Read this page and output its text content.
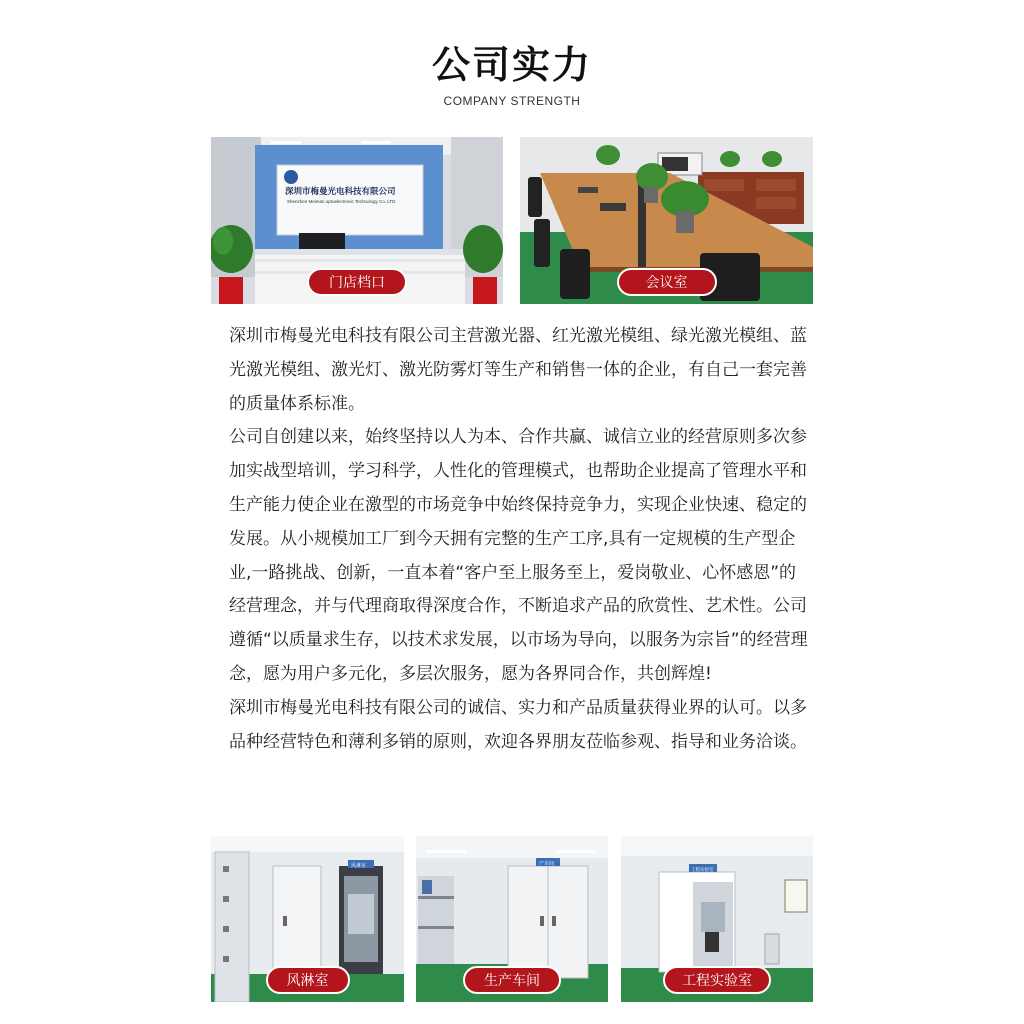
公司实力
COMPANY STRENGTH
深圳市梅曼光电科技有限公司
Shenzhen Meiman optoelectronic Technology Co.,LTD
门店档口	会议室

深圳市梅曼光电科技有限公司主营激光器、红光激光模组、绿光激光模组、蓝光激光模组、激光灯、激光防雾灯等生产和销售一体的企业，有自己一套完善的质量体系标准。

公司自创建以来，始终坚持以人为本、合作共赢、诚信立业的经营原则多次参加实战型培训，学习科学，人性化的管理模式，也帮助企业提高了管理水平和生产能力使企业在激型的市场竞争中始终保持竞争力，实现企业快速、稳定的发展。从小规模加工厂到今天拥有完整的生产工序,具有一定规模的生产型企业,一路挑战、创新，一直本着“客户至上服务至上，爱岗敬业、心怀感恩”的经营理念，并与代理商取得深度合作，不断追求产品的欣赏性、艺术性。公司遵循“以质量求生存，以技术求发展，以市场为导向，以服务为宗旨”的经营理念，愿为用户多元化，多层次服务，愿为各界同合作，共创辉煌!

深圳市梅曼光电科技有限公司的诚信、实力和产品质量获得业界的认可。以多品种经营特色和薄利多销的原则，欢迎各界朋友莅临参观、指导和业务洽谈。

风淋室
风淋室
产车间
生产车间
工程实验室
工程实验室
